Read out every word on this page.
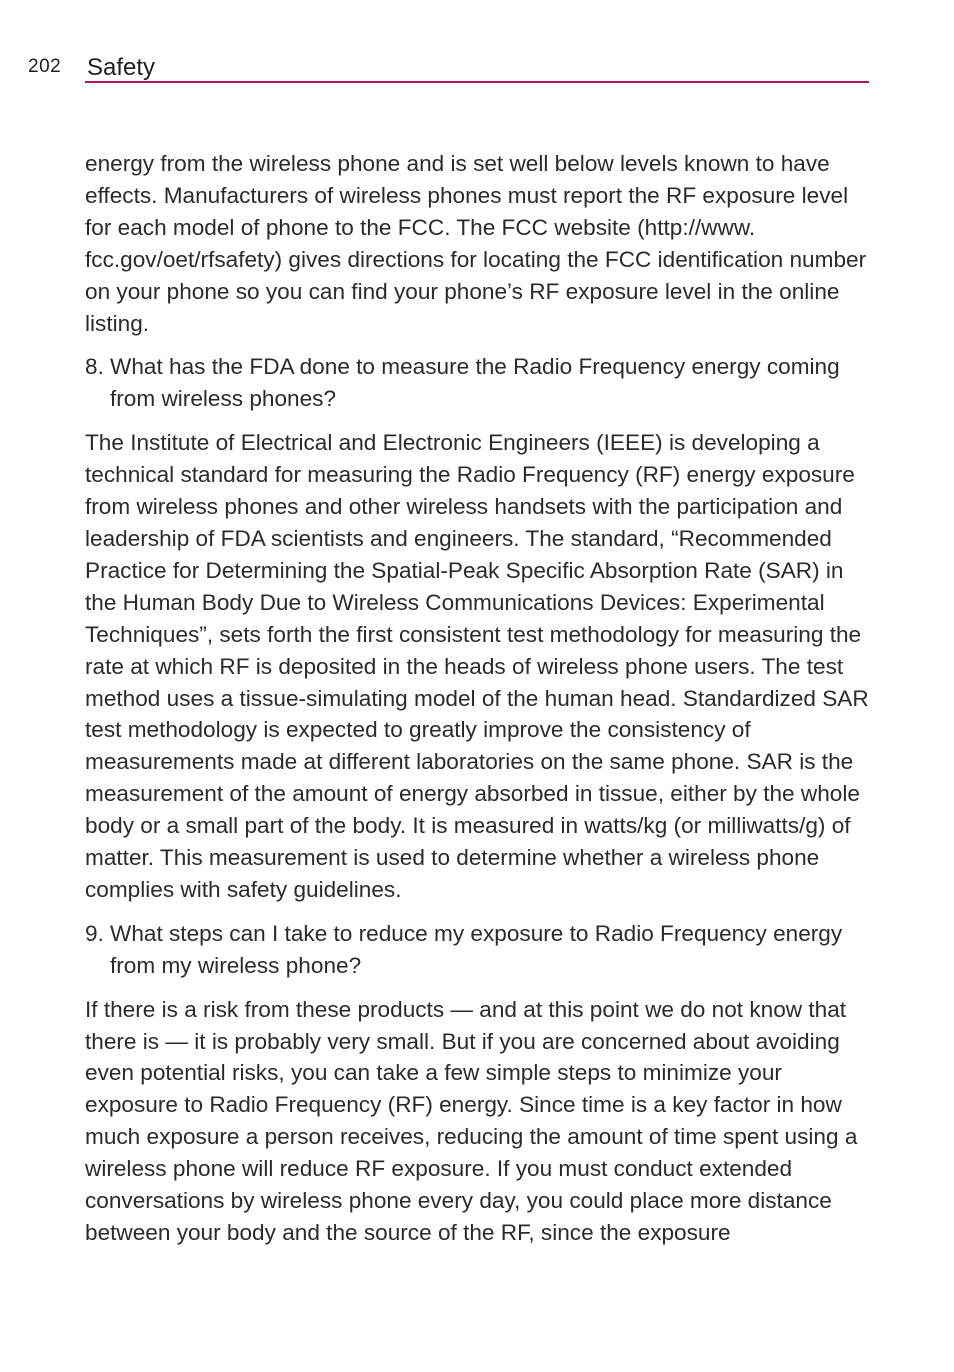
202 Safety

energy from the wireless phone and is set well below levels known to have effects. Manufacturers of wireless phones must report the RF exposure level for each model of phone to the FCC. The FCC website (http://www. fcc.gov/oet/rfsafety) gives directions for locating the FCC identification number on your phone so you can find your phone’s RF exposure level in the online listing.

8. What has the FDA done to measure the Radio Frequency energy coming from wireless phones?

The Institute of Electrical and Electronic Engineers (IEEE) is developing a technical standard for measuring the Radio Frequency (RF) energy exposure from wireless phones and other wireless handsets with the participation and leadership of FDA scientists and engineers. The standard, “Recommended Practice for Determining the Spatial-Peak Specific Absorption Rate (SAR) in the Human Body Due to Wireless Communications Devices: Experimental Techniques”, sets forth the first consistent test methodology for measuring the rate at which RF is deposited in the heads of wireless phone users. The test method uses a tissue-simulating model of the human head. Standardized SAR test methodology is expected to greatly improve the consistency of measurements made at different laboratories on the same phone. SAR is the measurement of the amount of energy absorbed in tissue, either by the whole body or a small part of the body. It is measured in watts/kg (or milliwatts/g) of matter. This measurement is used to determine whether a wireless phone complies with safety guidelines.

9. What steps can I take to reduce my exposure to Radio Frequency energy from my wireless phone?

If there is a risk from these products — and at this point we do not know that there is — it is probably very small. But if you are concerned about avoiding even potential risks, you can take a few simple steps to minimize your exposure to Radio Frequency (RF) energy. Since time is a key factor in how much exposure a person receives, reducing the amount of time spent using a wireless phone will reduce RF exposure. If you must conduct extended conversations by wireless phone every day, you could place more distance between your body and the source of the RF, since the exposure
